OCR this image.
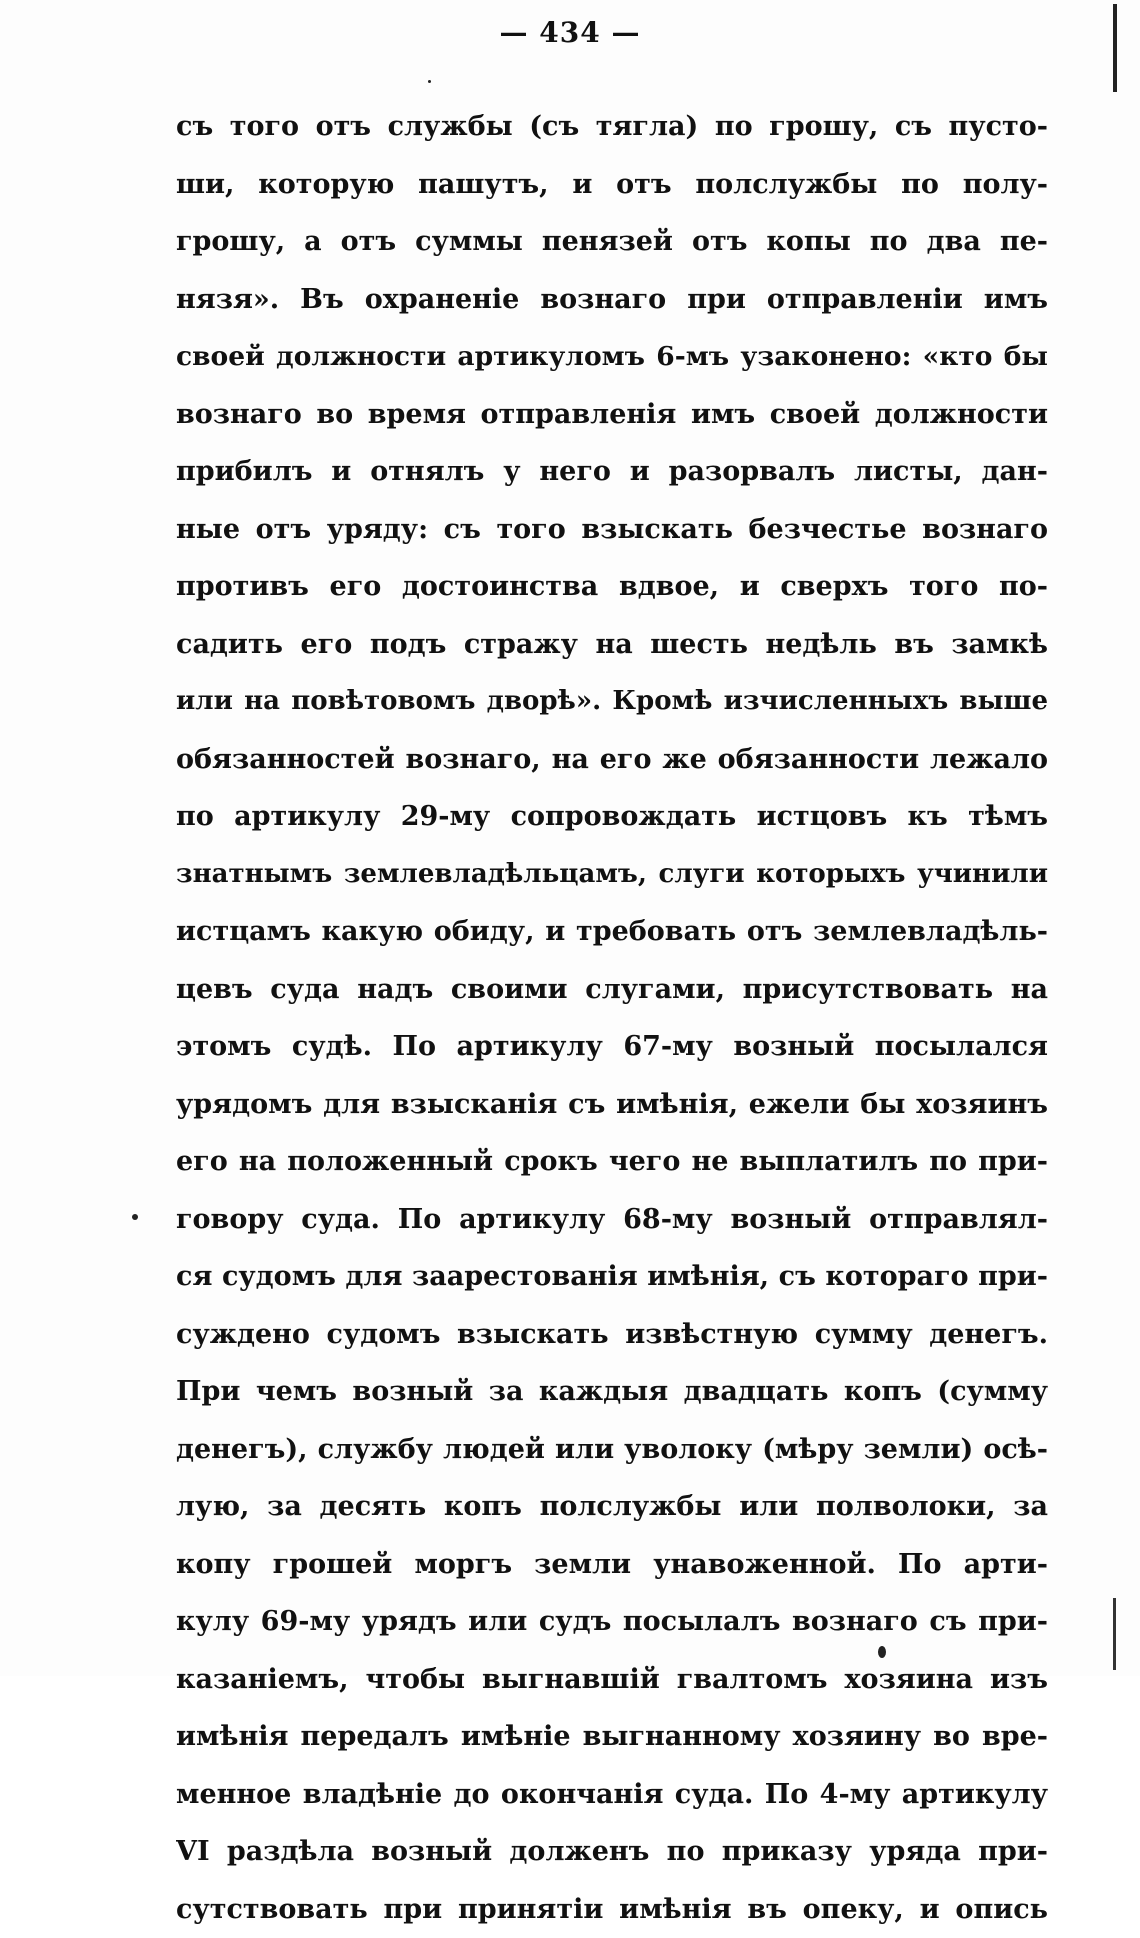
— 434 —
съ того отъ службы (съ тягла) по грошу, съ пусто-
ши, которую пашутъ, и отъ полслужбы по полу-
грошу, а отъ суммы пенязей отъ копы по два пе-
нязя». Въ охраненіе вознаго при отправленіи имъ
своей должности артикуломъ 6-мъ узаконено: «кто бы
вознаго во время отправленія имъ своей должности
прибилъ и отнялъ у него и разорвалъ листы, дан-
ные отъ уряду: съ того взыскать безчестье вознаго
противъ его достоинства вдвое, и сверхъ того по-
садить его подъ стражу на шесть недѣль въ замкѣ
или на повѣтовомъ дворѣ». Кромѣ изчисленныхъ выше
обязанностей вознаго, на его же обязанности лежало
по артикулу 29-му сопровождать истцовъ къ тѣмъ
знатнымъ землевладѣльцамъ, слуги которыхъ учинили
истцамъ какую обиду, и требовать отъ землевладѣль-
цевъ суда надъ своими слугами, присутствовать на
этомъ судѣ. По артикулу 67-му возный посылался
урядомъ для взысканія съ имѣнія, ежели бы хозяинъ
его на положенный срокъ чего не выплатилъ по при-
говору суда. По артикулу 68-му возный отправлял-
ся судомъ для заарестованія имѣнія, съ котораго при-
суждено судомъ взыскать извѣстную сумму денегъ.
При чемъ возный за каждыя двадцать копъ (сумму
денегъ), службу людей или уволоку (мѣру земли) осѣ-
лую, за десять копъ полслужбы или полволоки, за
копу грошей моргъ земли унавоженной. По арти-
кулу 69-му урядъ или судъ посылалъ вознаго съ при-
казаніемъ, чтобы выгнавшій гвалтомъ хозяина изъ
имѣнія передалъ имѣніе выгнанному хозяину во вре-
менное владѣніе до окончанія суда. По 4-му артикулу
VI раздѣла возный долженъ по приказу уряда при-
сутствовать при принятіи имѣнія въ опеку, и опись
